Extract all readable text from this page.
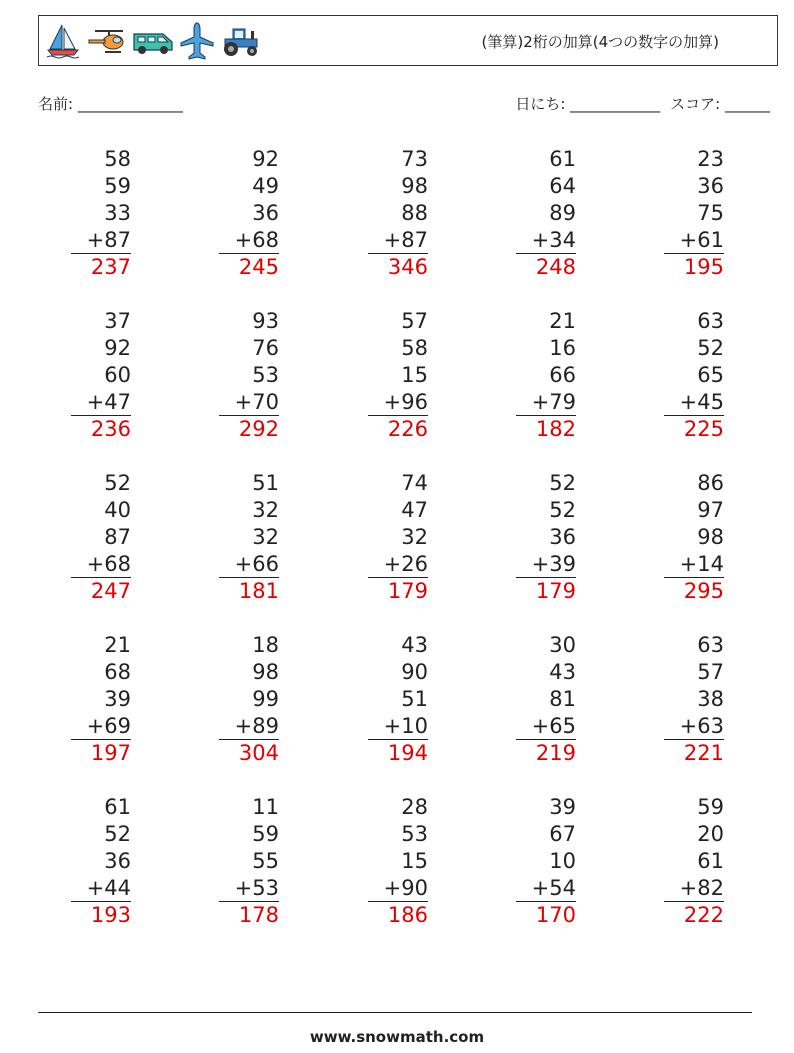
(筆算)2桁の加算(4つの数字の加算)
名前: ______________	日にち: ____________ スコア: ______
58
59
33
+87
237
92
49
36
+68
245
73
98
88
+87
346
61
64
89
+34
248
23
36
75
+61
195
37
92
60
+47
236
93
76
53
+70
292
57
58
15
+96
226
21
16
66
+79
182
63
52
65
+45
225
52
40
87
+68
247
51
32
32
+66
181
74
47
32
+26
179
52
52
36
+39
179
86
97
98
+14
295
21
68
39
+69
197
18
98
99
+89
304
43
90
51
+10
194
30
43
81
+65
219
63
57
38
+63
221
61
52
36
+44
193
11
59
55
+53
178
28
53
15
+90
186
39
67
10
+54
170
59
20
61
+82
222
www.snowmath.com
